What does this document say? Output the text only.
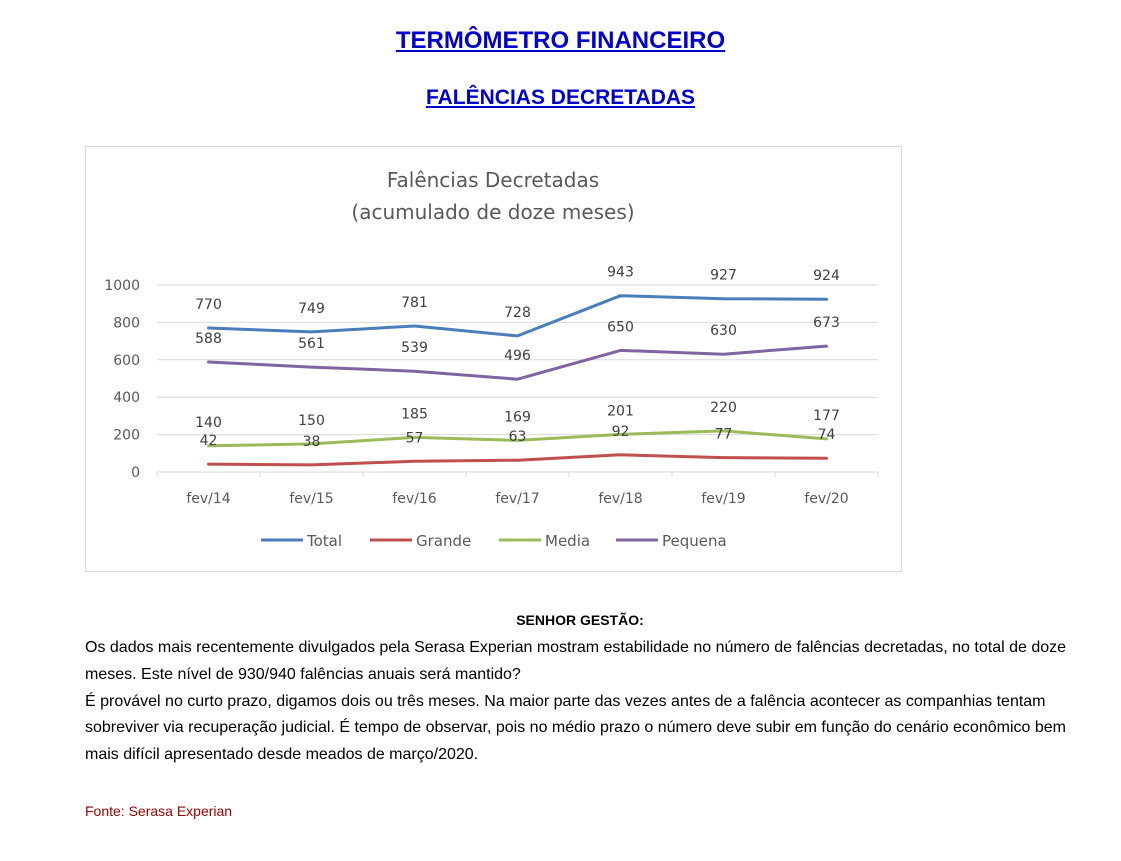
TERMÔMETRO FINANCEIRO
FALÊNCIAS DECRETADAS
Falências Decretadas
(acumulado de doze meses)
0
200
400
600
800
1000
fev/14	fev/15	fev/16	fev/17	fev/18	fev/19	fev/20
770	749	781
728
943	927	924
42	38	57	63	92	77	74
140	150	185	169	201	220
177
588	561	539
496
650	630
673
Total	Grande	Media	Pequena
SENHOR GESTÃO:

Os dados mais recentemente divulgados pela Serasa Experian mostram estabilidade no número de falências decretadas, no total de doze meses. Este nível de 930/940 falências anuais será mantido?

É provável no curto prazo, digamos dois ou três meses. Na maior parte das vezes antes de a falência acontecer as companhias tentam sobreviver via recuperação judicial. É tempo de observar, pois no médio prazo o número deve subir em função do cenário econômico bem mais difícil apresentado desde meados de março/2020.

Fonte: Serasa Experian
